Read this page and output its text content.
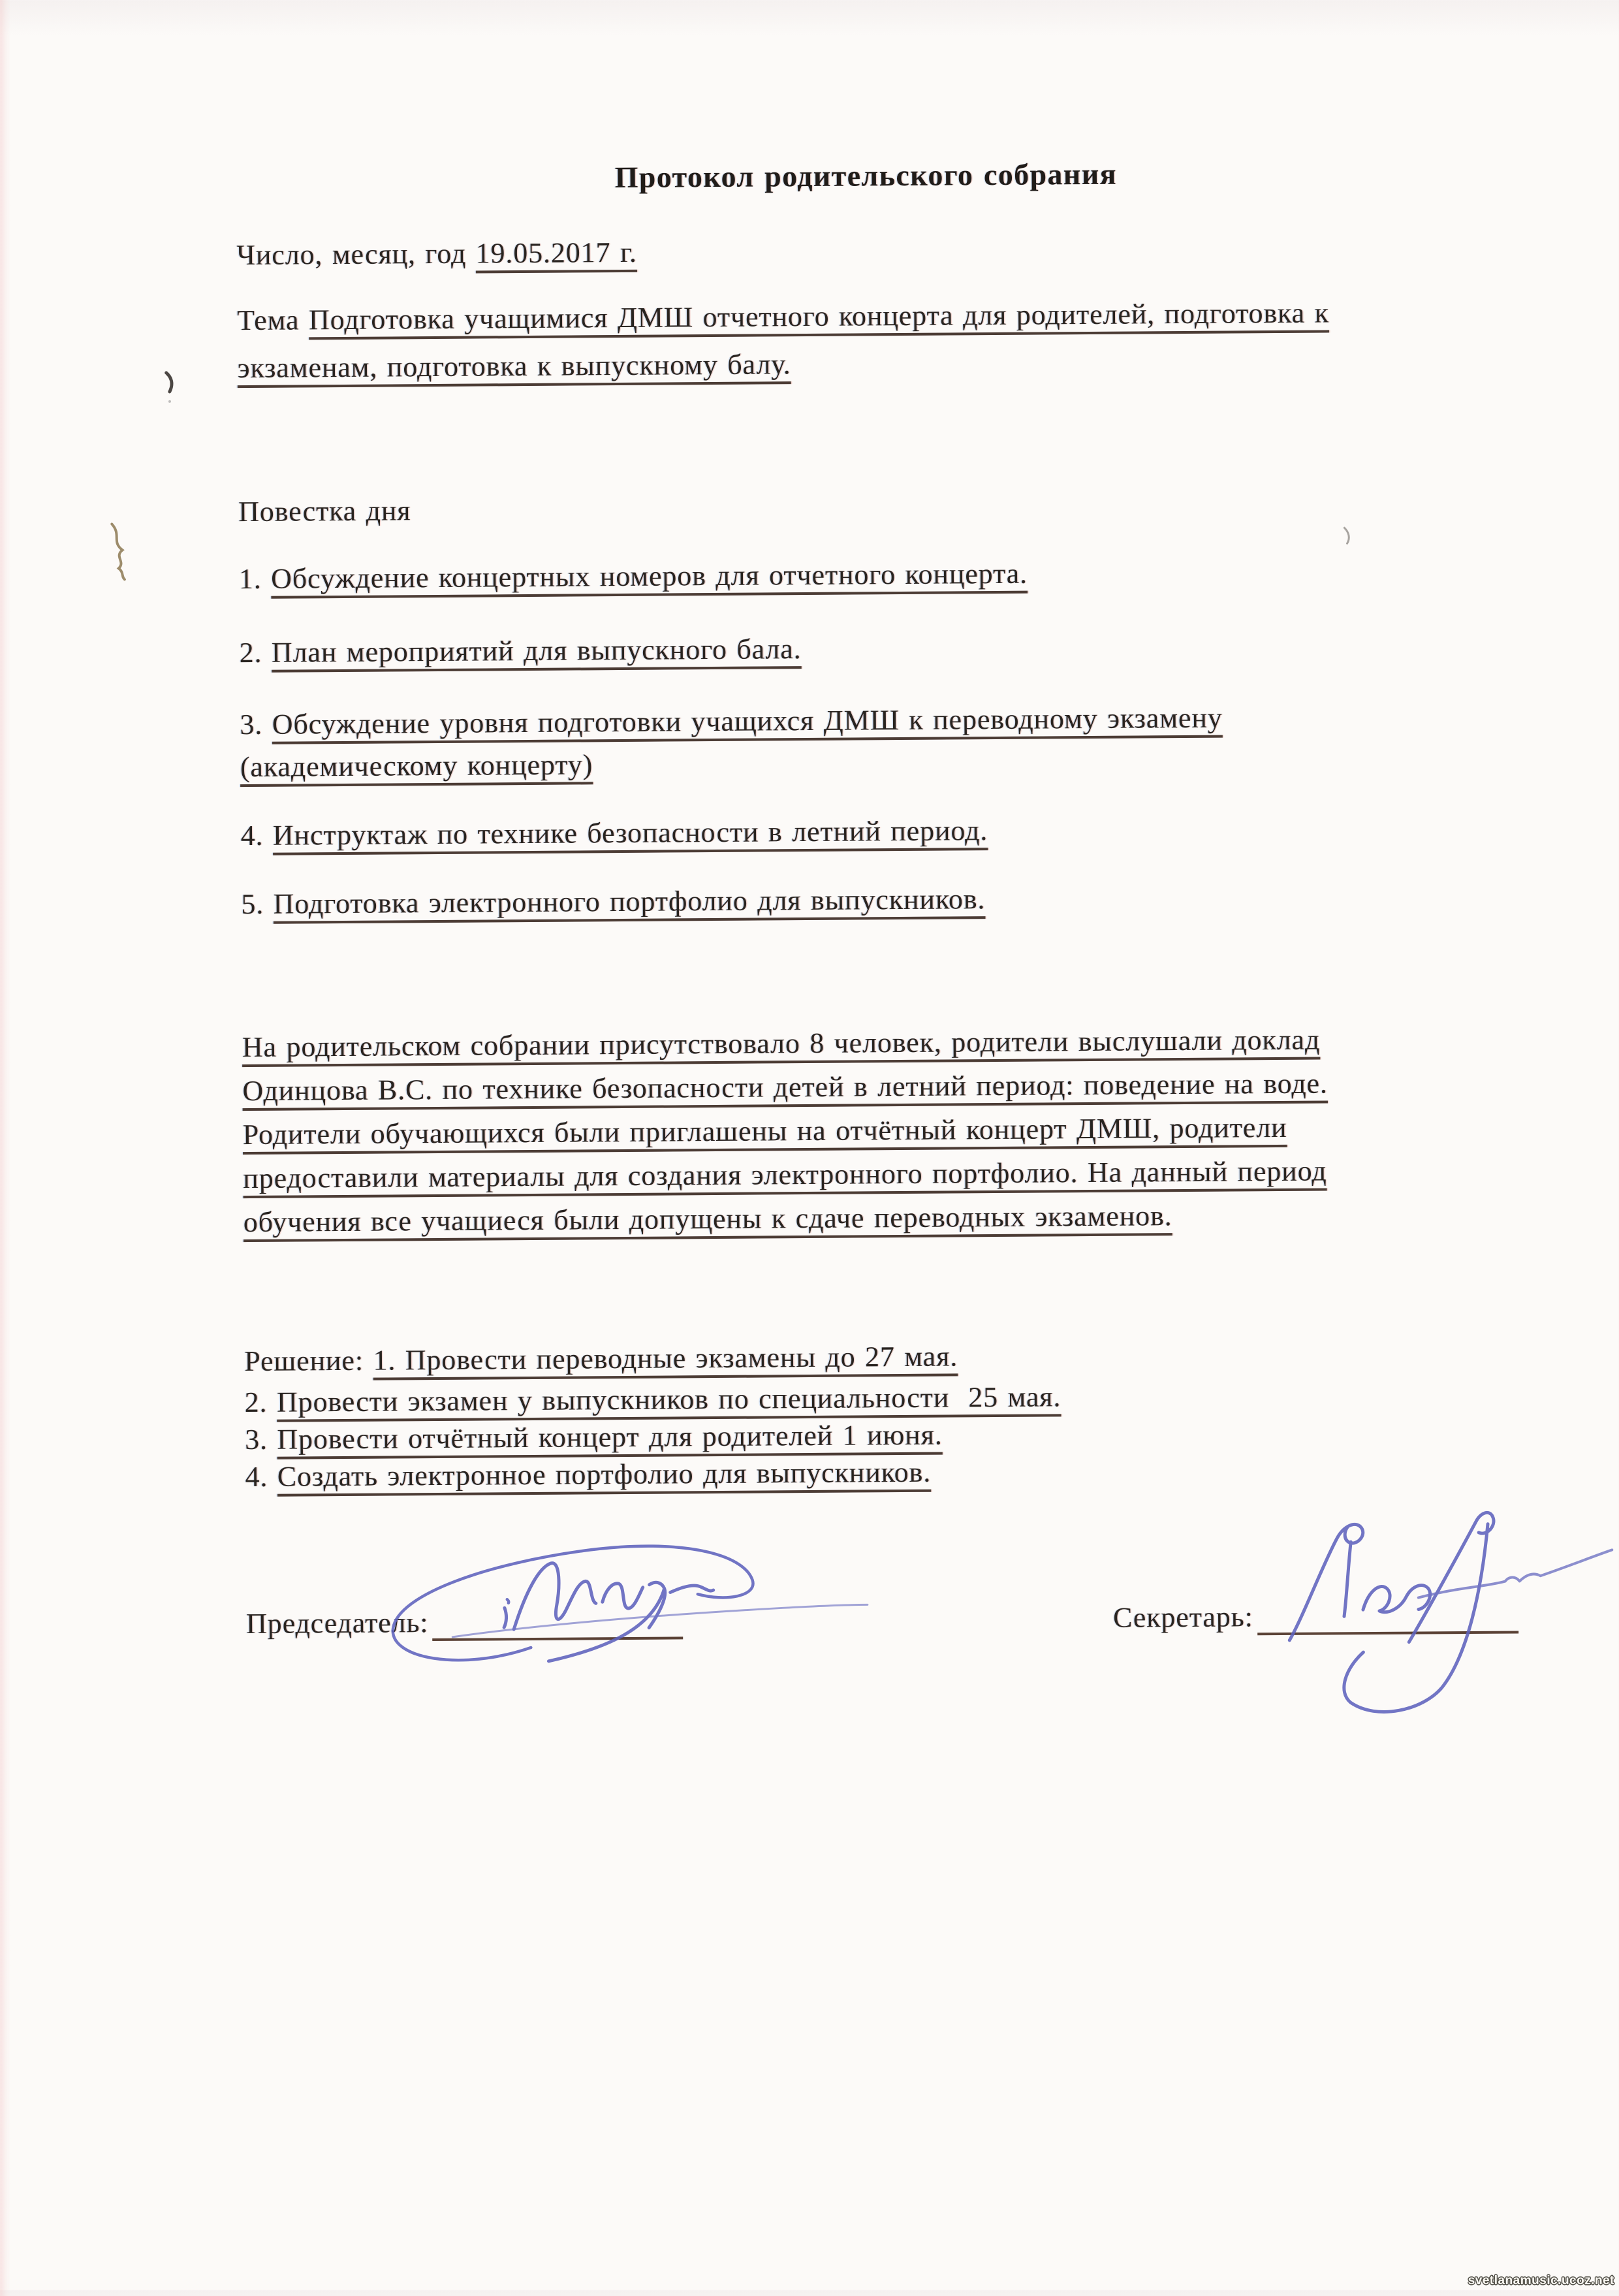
Протокол родительского собрания
Число, месяц, год 19.05.2017 г.
Тема Подготовка учащимися ДМШ отчетного концерта для родителей, подготовка к
экзаменам, подготовка к выпускному балу.
Повестка дня
1. Обсуждение концертных номеров для отчетного концерта.
2. План мероприятий для выпускного бала.
3. Обсуждение уровня подготовки учащихся ДМШ к переводному экзамену
(академическому концерту)
4. Инструктаж по технике безопасности в летний период.
5. Подготовка электронного портфолио для выпускников.
На родительском собрании присутствовало 8 человек, родители выслушали доклад
Одинцова В.С. по технике безопасности детей в летний период: поведение на воде.
Родители обучающихся были приглашены на отчётный концерт ДМШ, родители
предоставили материалы для создания электронного портфолио. На данный период
обучения все учащиеся были допущены к сдаче переводных экзаменов.
Решение: 1. Провести переводные экзамены до 27 мая.
2. Провести экзамен у выпускников по специальности  25 мая.
3. Провести отчётный концерт для родителей 1 июня.
4. Создать электронное портфолио для выпускников.
Председатель:	Секретарь:
svetlanamusic.ucoz.net
